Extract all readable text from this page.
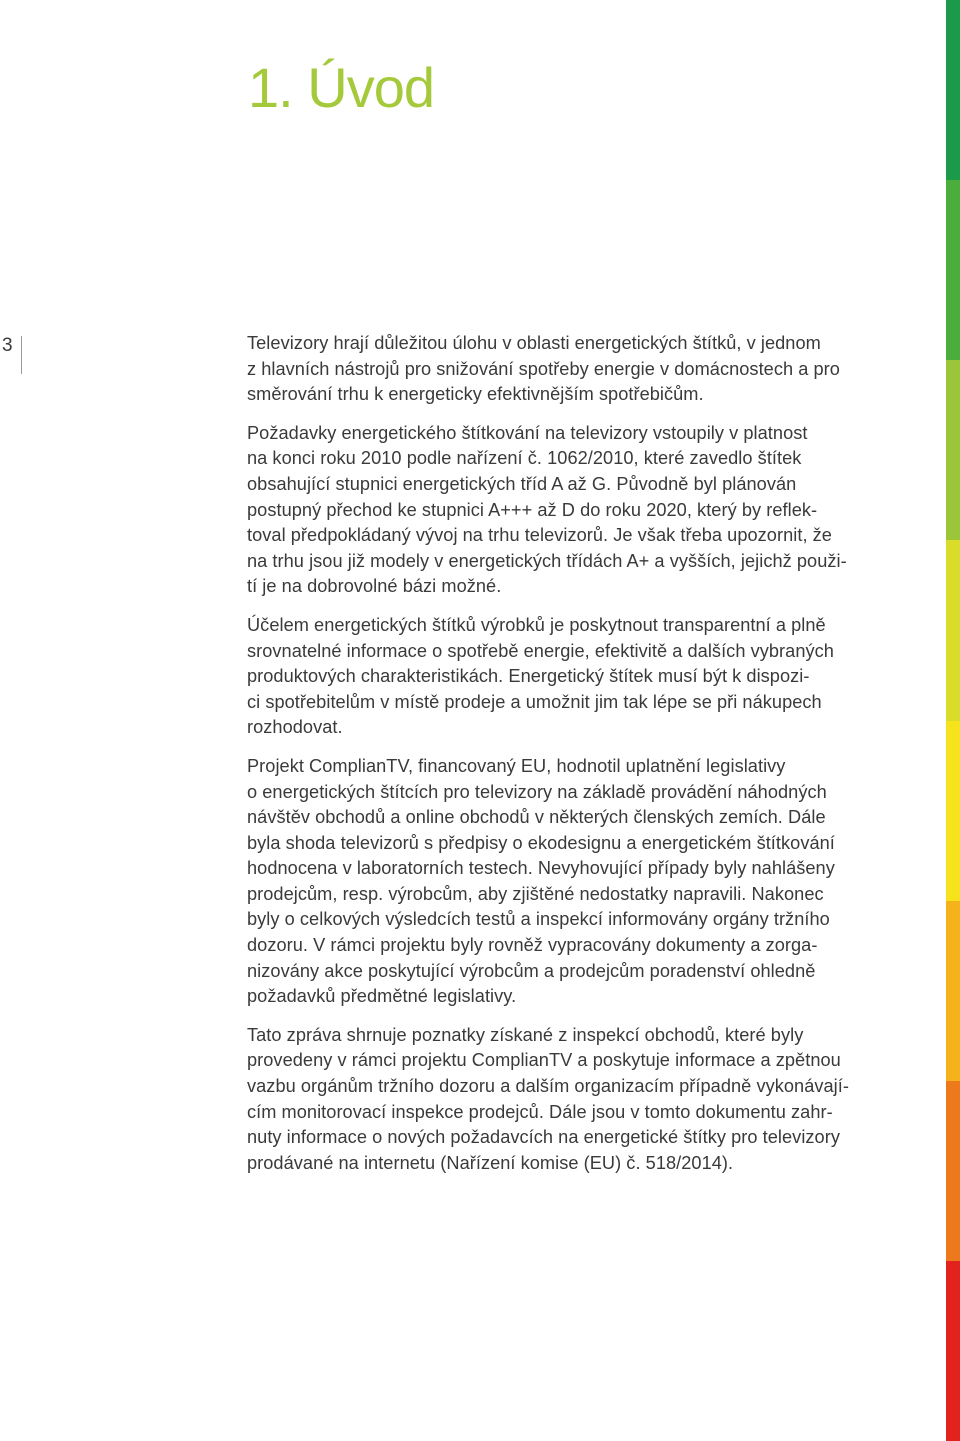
1. Úvod
3	Televizory hrají důležitou úlohu v oblasti energetických štítků, v jednom
z hlavních nástrojů pro snižování spotřeby energie v domácnostech a pro
směrování trhu k energeticky efektivnějším spotřebičům.

Požadavky energetického štítkování na televizory vstoupily v platnost
na konci roku 2010 podle nařízení č. 1062/2010, které zavedlo štítek
obsahující stupnici energetických tříd A až G. Původně byl plánován
postupný přechod ke stupnici A+++ až D do roku 2020, který by reflek-
toval předpokládaný vývoj na trhu televizorů. Je však třeba upozornit, že
na trhu jsou již modely v energetických třídách A+ a vyšších, jejichž použi-
tí je na dobrovolné bázi možné.

Účelem energetických štítků výrobků je poskytnout transparentní a plně
srovnatelné informace o spotřebě energie, efektivitě a dalších vybraných
produktových charakteristikách. Energetický štítek musí být k dispozi-
ci spotřebitelům v místě prodeje a umožnit jim tak lépe se při nákupech
rozhodovat.

Projekt ComplianTV, financovaný EU, hodnotil uplatnění legislativy
o energetických štítcích pro televizory na základě provádění náhodných
návštěv obchodů a online obchodů v některých členských zemích. Dále
byla shoda televizorů s předpisy o ekodesignu a energetickém štítkování
hodnocena v laboratorních testech. Nevyhovující případy byly nahlášeny
prodejcům, resp. výrobcům, aby zjištěné nedostatky napravili. Nakonec
byly o celkových výsledcích testů a inspekcí informovány orgány tržního
dozoru. V rámci projektu byly rovněž vypracovány dokumenty a zorga-
nizovány akce poskytující výrobcům a prodejcům poradenství ohledně
požadavků předmětné legislativy.

Tato zpráva shrnuje poznatky získané z inspekcí obchodů, které byly
provedeny v rámci projektu ComplianTV a poskytuje informace a zpětnou
vazbu orgánům tržního dozoru a dalším organizacím případně vykonávají-
cím monitorovací inspekce prodejců. Dále jsou v tomto dokumentu zahr-
nuty informace o nových požadavcích na energetické štítky pro televizory
prodávané na internetu (Nařízení komise (EU) č. 518/2014).
